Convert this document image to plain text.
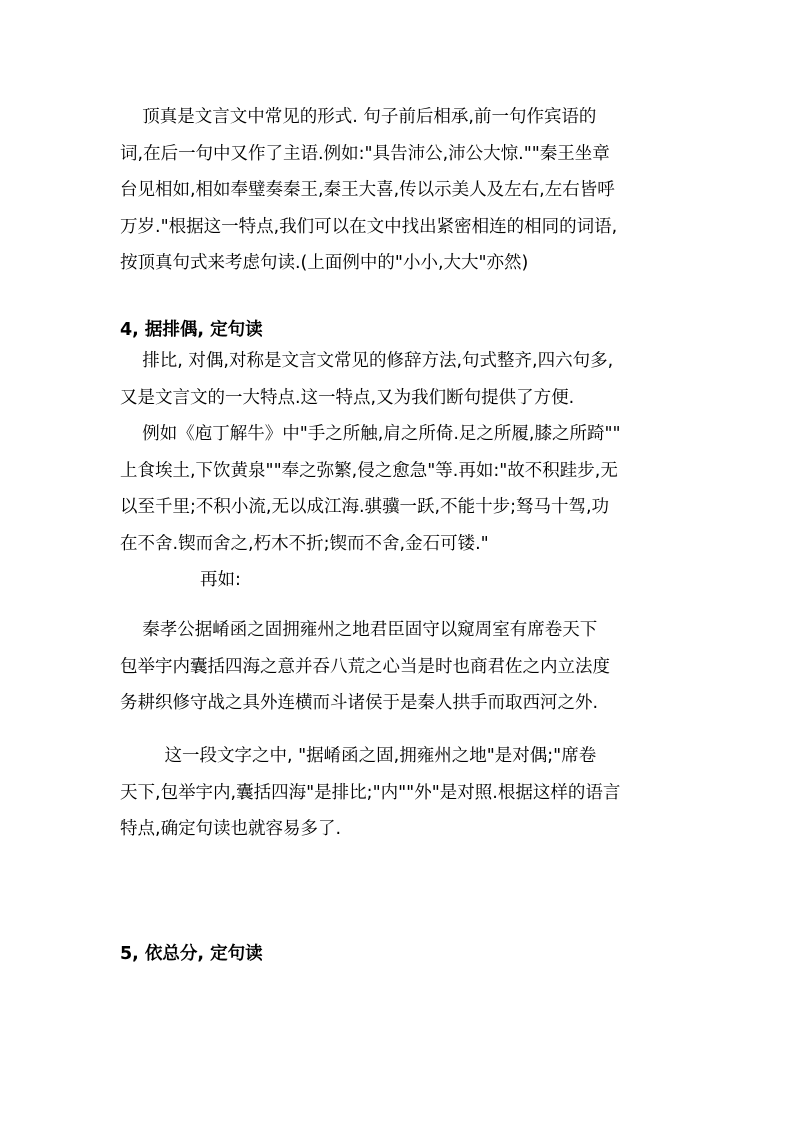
顶真是文言文中常见的形式. 句子前后相承,前一句作宾语的
词,在后一句中又作了主语.例如:"具告沛公,沛公大惊.""秦王坐章
台见相如,相如奉璧奏秦王,秦王大喜,传以示美人及左右,左右皆呼
万岁."根据这一特点,我们可以在文中找出紧密相连的相同的词语,
按顶真句式来考虑句读.(上面例中的"小小,大大"亦然)
4, 据排偶, 定句读
排比, 对偶,对称是文言文常见的修辞方法,句式整齐,四六句多,
又是文言文的一大特点.这一特点,又为我们断句提供了方便.
例如《庖丁解牛》中"手之所触,肩之所倚.足之所履,膝之所踦""
上食埃土,下饮黄泉""奉之弥繁,侵之愈急"等.再如:"故不积跬步,无
以至千里;不积小流,无以成江海.骐骥一跃,不能十步;驽马十驾,功
在不舍.锲而舍之,朽木不折;锲而不舍,金石可镂."
再如:
秦孝公据崤函之固拥雍州之地君臣固守以窥周室有席卷天下
包举宇内囊括四海之意并吞八荒之心当是时也商君佐之内立法度
务耕织修守战之具外连横而斗诸侯于是秦人拱手而取西河之外.
这一段文字之中, "据崤函之固,拥雍州之地"是对偶;"席卷
天下,包举宇内,囊括四海"是排比;"内""外"是对照.根据这样的语言
特点,确定句读也就容易多了.
5, 依总分, 定句读
